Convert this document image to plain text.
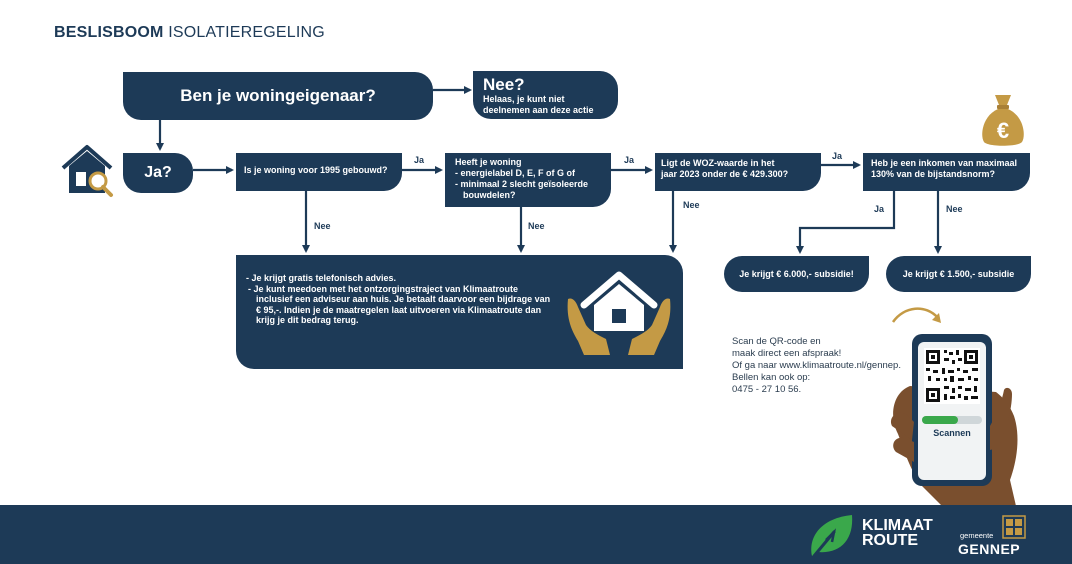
BESLISBOOM ISOLATIEREGELING
Ben je woningeigenaar?
Nee?
Helaas, je kunt niet
deelnemen aan deze actie
Ja?	Is je woning voor 1995 gebouwd?
Heeft je woning
- energielabel D, E, F of G of
- minimaal 2 slecht geïsoleerde
bouwdelen?
Ligt de WOZ-waarde in het
jaar 2023 onder de € 429.300?
Heb je een inkomen van maximaal
130% van de bijstandsnorm?
Ja	Ja	Ja
Nee	Nee
Nee	Ja	Nee
€
- Je krijgt gratis telefonisch advies.
- Je kunt meedoen met het ontzorgingstraject van Klimaatroute
inclusief een adviseur aan huis. Je betaalt daarvoor een bijdrage van
€ 95,-. Indien je de maatregelen laat uitvoeren via Klimaatroute dan
krijg je dit bedrag terug.
Je krijgt € 6.000,- subsidie!	Je krijgt € 1.500,- subsidie
Scan de QR-code en
maak direct een afspraak!
Of ga naar www.klimaatroute.nl/gennep.
Bellen kan ook op:
0475 - 27 10 56.
Scannen
KLIMAAT
ROUTE	gemeente
GENNEP
